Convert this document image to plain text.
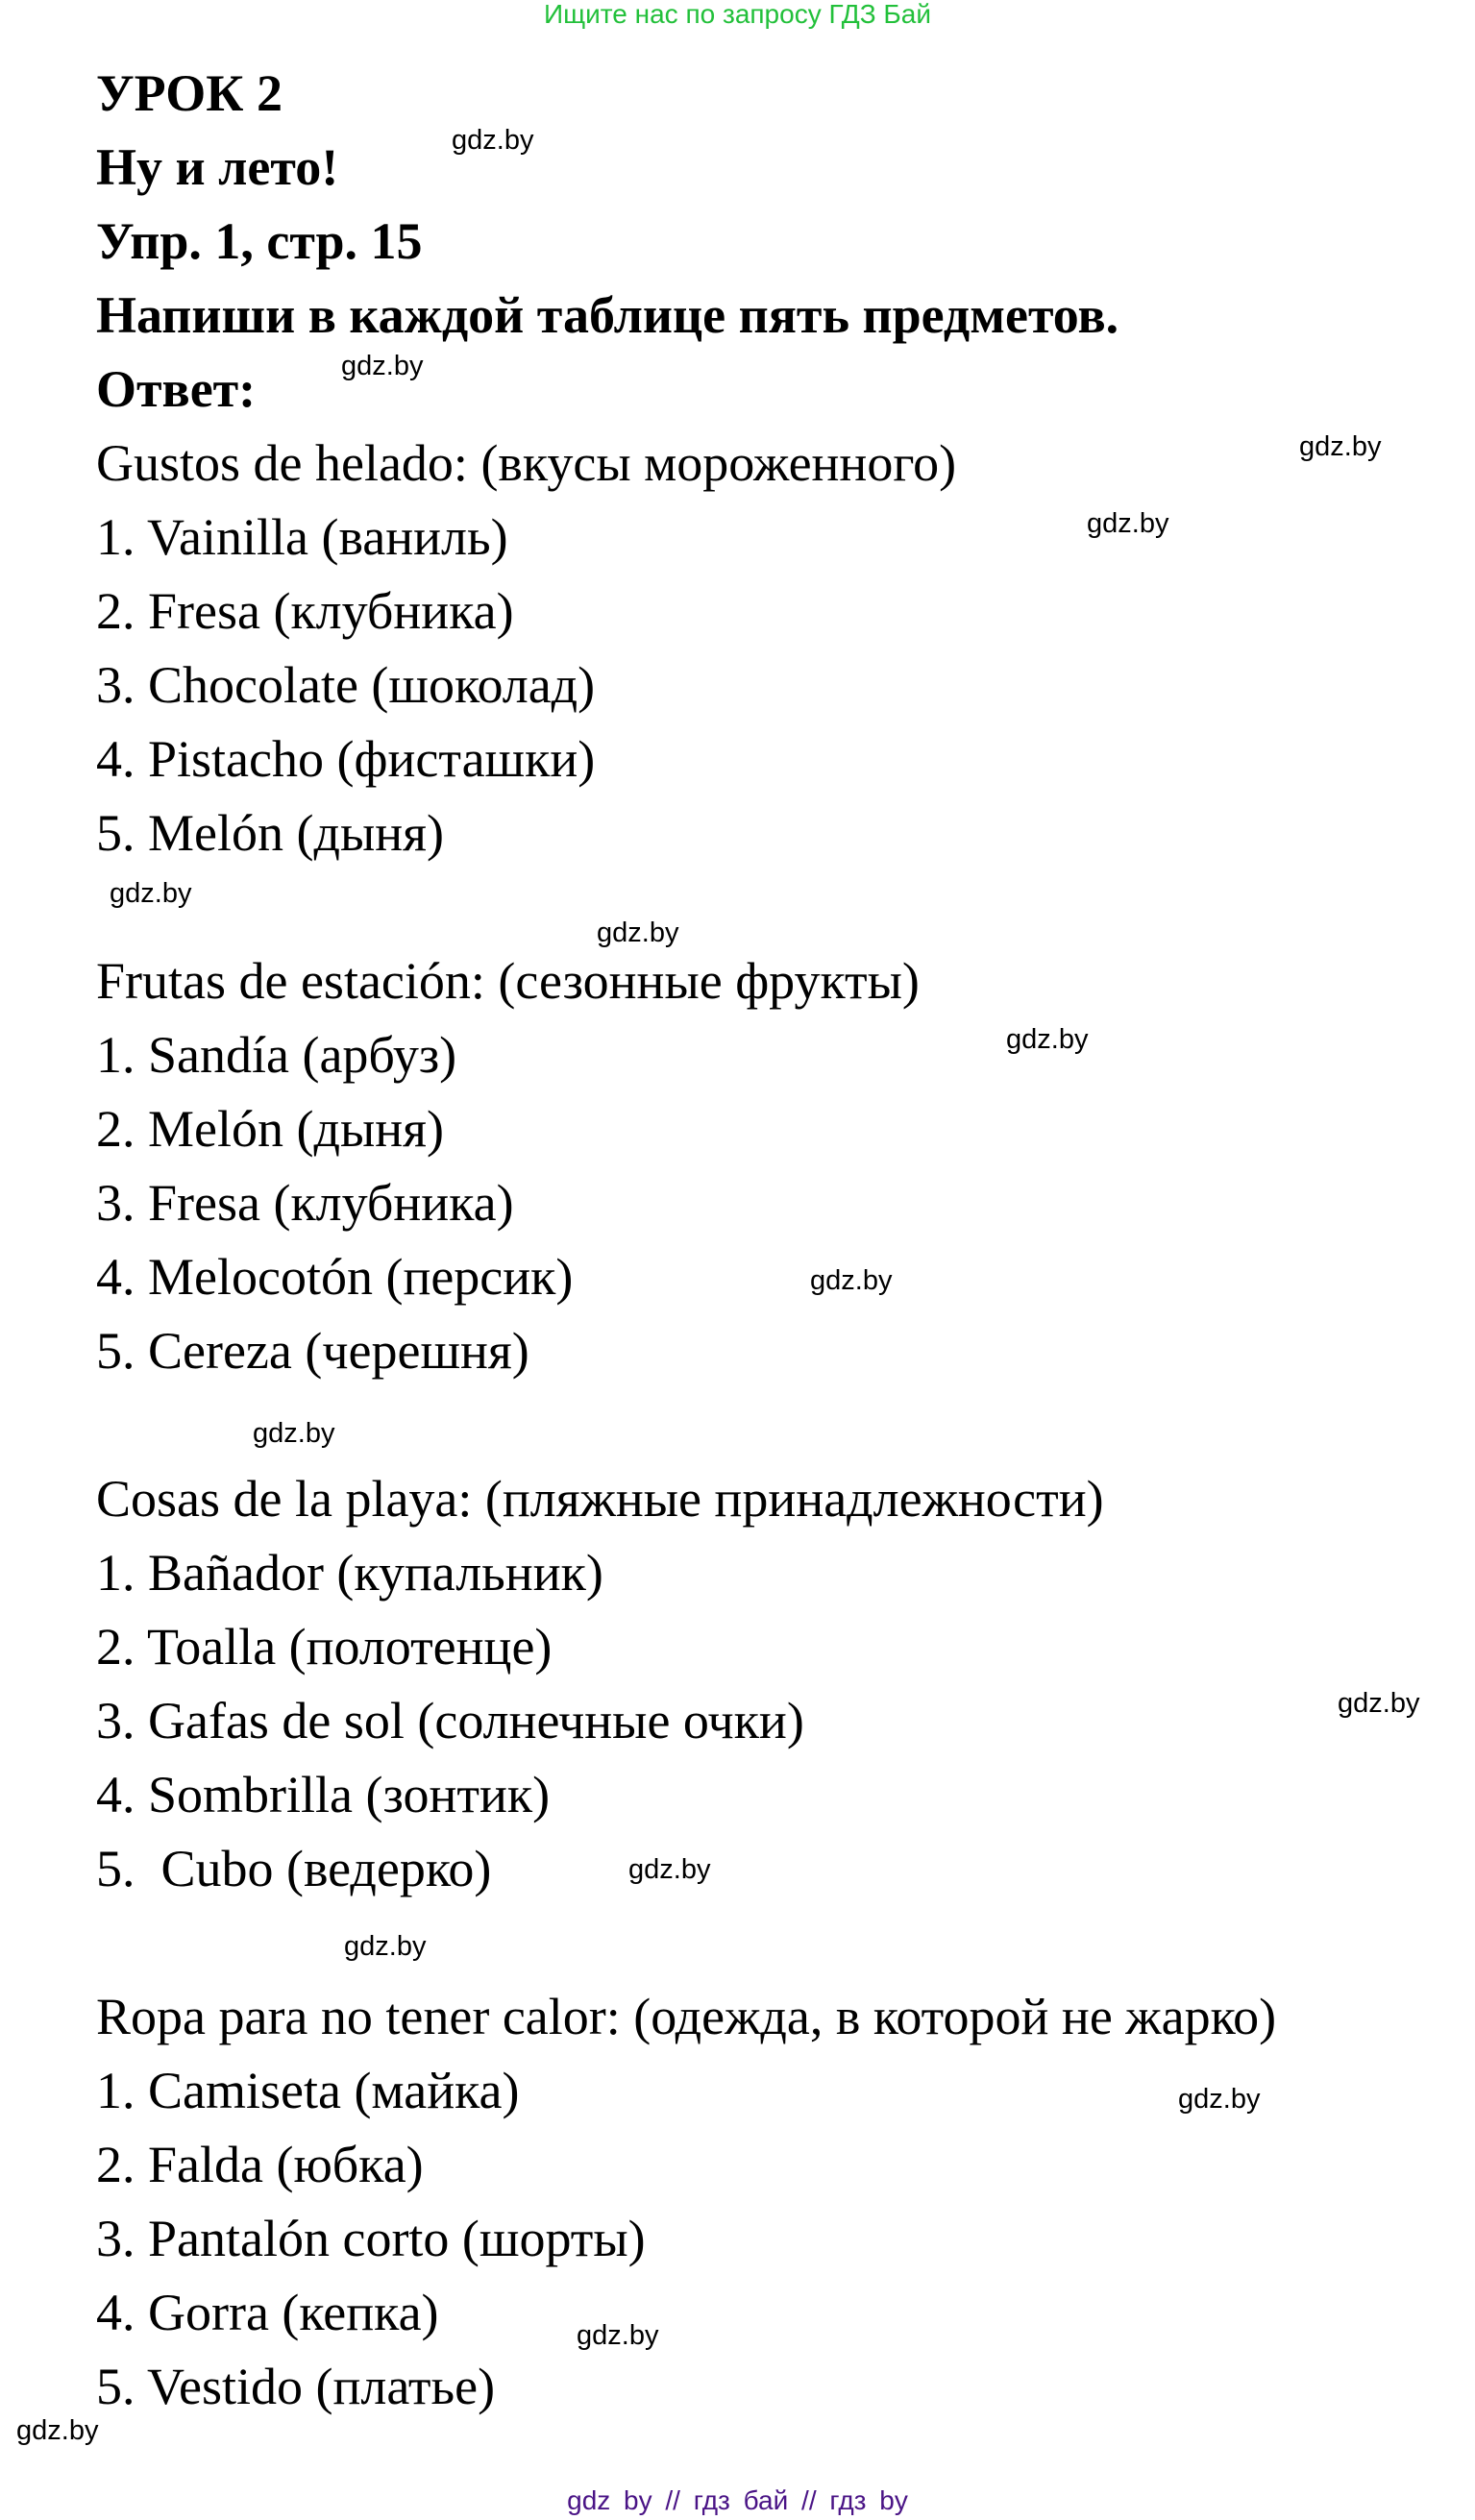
Ищите нас по запросу ГДЗ Бай
УРОК 2
Ну и лето!
Упр. 1, стр. 15
Напиши в каждой таблице пять предметов.
Ответ:
Gustos de helado: (вкусы мороженного)
1. Vainilla (ваниль)
2. Fresa (клубника)
3. Chocolate (шоколад)
4. Pistacho (фисташки)
5. Melón (дыня)
Frutas de estación: (сезонные фрукты)
1. Sandía (арбуз)
2. Melón (дыня)
3. Fresa (клубника)
4. Melocotón (персик)
5. Cereza (черешня)
Cosas de la playa: (пляжные принадлежности)
1. Bañador (купальник)
2. Toalla (полотенце)
3. Gafas de sol (солнечные очки)
4. Sombrilla (зонтик)
5.  Cubo (ведерко)
Ropa para no tener calor: (одежда, в которой не жарко)
1. Camiseta (майка)
2. Falda (юбка)
3. Pantalón corto (шорты)
4. Gorra (кепка)
5. Vestido (платье)
gdz.by
gdz.by
gdz.by
gdz.by
gdz.by
gdz.by
gdz.by
gdz.by
gdz.by
gdz.by
gdz.by
gdz.by
gdz.by
gdz.by
gdz.by
gdz by // гдз бай // гдз by
